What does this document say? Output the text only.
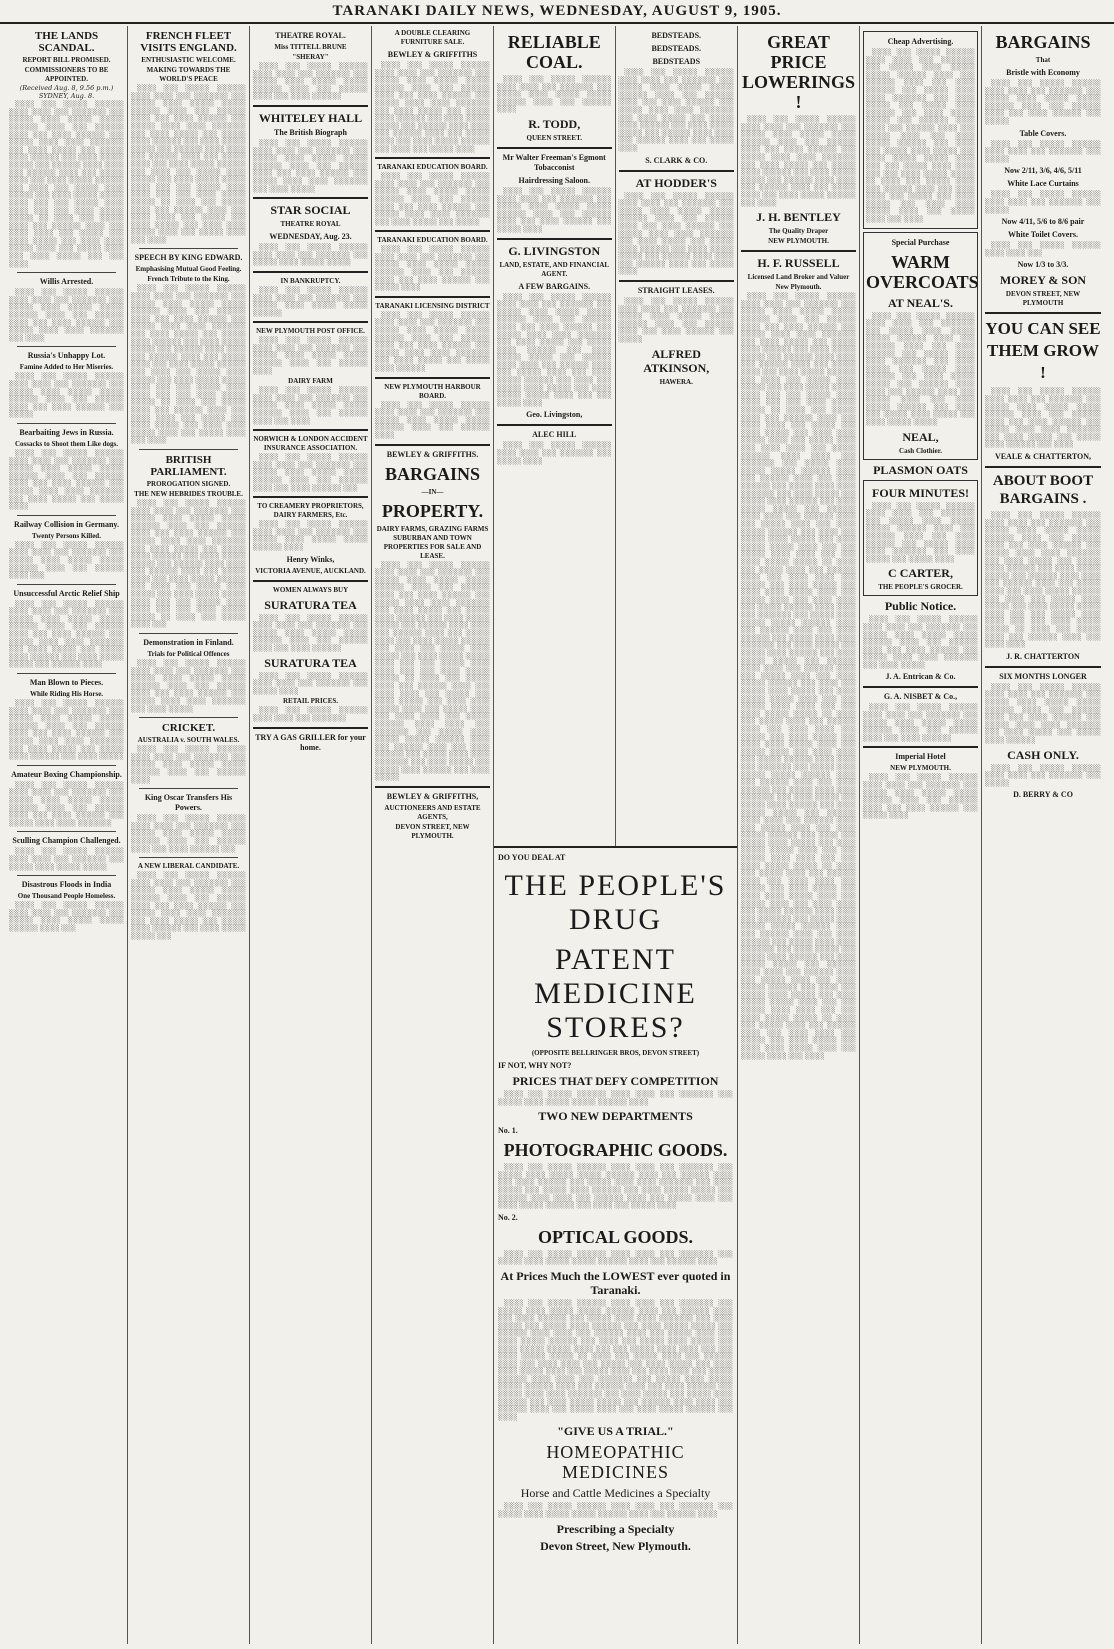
TARANAKI DAILY NEWS, WEDNESDAY, AUGUST 9, 1905.
THE LANDS SCANDAL.
REPORT BILL PROMISED.
COMMISSIONERS TO BE APPOINTED.
(Received Aug. 8, 9.56 p.m.) SYDNEY, Aug. 8.
░░░░ ░░░ ░░░░░ ░░░░░░ ░░░░ ░░░░ ░░░ ░░░░░░░ ░░░ ░░░░░ ░░░░ ░░░░░ ░░░░░ ░░░░░░ ░░░░ ░░░ ░░░░░░ ░░░░ ░░░ ░░░░ ░░░░░░ ░░░ ░░░░░ ░░░░ ░░░░ ░░░░░░░ ░░░ ░░░░ ░░░░░ ░░░ ░░░░░ ░░░░ ░░░░░░ ░░░ ░░░░ ░░░░░ ░░░░░ ░░░ ░░░░░░ ░░░░ ░░░░ ░░░ ░░░░░░ ░░░░ ░░░ ░░░░░ ░░░░ ░░░ ░░░░ ░░░░░ ░░░░░░ ░░░ ░░░░ ░░░ ░░░░░ ░░░░ ░░░░░ ░░░ ░░░░ ░░░░░ ░░░░░ ░░░░ ░░░ ░░░ ░░░░░ ░░░░ ░░░░ ░░░ ░░░ ░░░░ ░░░░░ ░░░░░ ░░ ░░░░ ░░░ ░░░░░ ░░░░ ░░░ ░░░░░░ ░░░░ ░░░ ░░░░ ░░░░ ░░░ ░░░░░ ░░░ ░░░░ ░░░░░ ░░░ ░░░░ ░░░░ ░░░░░ ░░░░ ░░░ ░░░░░ ░░░░ ░░░ ░░░░ ░░░░░ ░░░ ░░░ ░░░░
Willis Arrested.
░░░░ ░░░ ░░░░░ ░░░░░░ ░░░░ ░░░░ ░░░ ░░░░░░░ ░░░ ░░░░░ ░░░░ ░░░░░ ░░░░░ ░░░░░░ ░░░░ ░░░ ░░░░░░ ░░░░ ░░░ ░░░░ ░░░░░░ ░░░ ░░░░░ ░░░░ ░░░░ ░░░░░░░ ░░░ ░░░░
Russia's Unhappy Lot.
Famine Added to Her Miseries.
░░░░ ░░░ ░░░░░ ░░░░░░ ░░░░ ░░░░ ░░░ ░░░░░░░ ░░░ ░░░░░ ░░░░ ░░░░░ ░░░░░ ░░░░░░ ░░░░ ░░░ ░░░░░░ ░░░░ ░░░ ░░░░ ░░░░░░ ░░░ ░░░░░
Bearbaiting Jews in Russia.
Cossacks to Shoot them Like dogs.
░░░░ ░░░ ░░░░░ ░░░░░░ ░░░░ ░░░░ ░░░ ░░░░░░░ ░░░ ░░░░░ ░░░░ ░░░░░ ░░░░░ ░░░░░░ ░░░░ ░░░ ░░░░░░ ░░░░ ░░░ ░░░░ ░░░░░░ ░░░ ░░░░░ ░░░░ ░░░░ ░░░░░░░ ░░░ ░░░░ ░░░░░ ░░░ ░░░░░ ░░░░
Railway Collision in Germany.
Twenty Persons Killed.
░░░░ ░░░ ░░░░░ ░░░░░░ ░░░░ ░░░░ ░░░ ░░░░░░░ ░░░ ░░░░░ ░░░░ ░░░░░ ░░░░░ ░░░░░░ ░░░░ ░░░ ░░░░░░ ░░░░ ░░░
Unsuccessful Arctic Relief Ship
░░░░ ░░░ ░░░░░ ░░░░░░ ░░░░ ░░░░ ░░░ ░░░░░░░ ░░░ ░░░░░ ░░░░ ░░░░░ ░░░░░ ░░░░░░ ░░░░ ░░░ ░░░░░░ ░░░░ ░░░ ░░░░ ░░░░░░ ░░░ ░░░░░ ░░░░ ░░░░ ░░░░░░░ ░░░ ░░░░ ░░░░░ ░░░ ░░░░░ ░░░░ ░░░░░░ ░░░ ░░░░ ░░░░░ ░░░░░ ░░░ ░░░░░░ ░░░░
Man Blown to Pieces.
While Riding His Horse.
░░░░ ░░░ ░░░░░ ░░░░░░ ░░░░ ░░░░ ░░░ ░░░░░░░ ░░░ ░░░░░ ░░░░ ░░░░░ ░░░░░ ░░░░░░ ░░░░ ░░░ ░░░░░░ ░░░░ ░░░ ░░░░ ░░░░░░ ░░░ ░░░░░ ░░░░ ░░░░ ░░░░░░░ ░░░ ░░░░ ░░░░░ ░░░ ░░░░░ ░░░░ ░░░░░░ ░░░ ░░░░ ░░░░░
Amateur Boxing Championship.
░░░░ ░░░ ░░░░░ ░░░░░░ ░░░░ ░░░░ ░░░ ░░░░░░░ ░░░ ░░░░░ ░░░░ ░░░░░ ░░░░░ ░░░░░░ ░░░░ ░░░ ░░░░░░ ░░░░ ░░░ ░░░░ ░░░░░░ ░░░ ░░░░░ ░░░░ ░░░░ ░░░░░░░
Sculling Champion Challenged.
░░░░ ░░░ ░░░░░ ░░░░░░ ░░░░ ░░░░ ░░░ ░░░░░░░ ░░░ ░░░░░ ░░░░ ░░░░░ ░░░░░
Disastrous Floods in India
One Thousand People Homeless.
░░░░ ░░░ ░░░░░ ░░░░░░ ░░░░ ░░░░ ░░░ ░░░░░░░ ░░░ ░░░░░ ░░░░ ░░░░░ ░░░░░ ░░░░░░ ░░░░ ░░░
FRENCH FLEET VISITS ENGLAND.
ENTHUSIASTIC WELCOME.
MAKING TOWARDS THE WORLD'S PEACE
░░░░ ░░░ ░░░░░ ░░░░░░ ░░░░ ░░░░ ░░░ ░░░░░░░ ░░░ ░░░░░ ░░░░ ░░░░░ ░░░░░ ░░░░░░ ░░░░ ░░░ ░░░░░░ ░░░░ ░░░ ░░░░ ░░░░░░ ░░░ ░░░░░ ░░░░ ░░░░ ░░░░░░░ ░░░ ░░░░ ░░░░░ ░░░ ░░░░░ ░░░░ ░░░░░░ ░░░ ░░░░ ░░░░░ ░░░░░ ░░░ ░░░░░░ ░░░░ ░░░░ ░░░ ░░░░░░ ░░░░ ░░░ ░░░░░ ░░░░ ░░░ ░░░░ ░░░░░ ░░░░░░ ░░░ ░░░░ ░░░ ░░░░░ ░░░░ ░░░░░ ░░░ ░░░░ ░░░░░ ░░░░░ ░░░░ ░░░ ░░░ ░░░░░ ░░░░ ░░░░ ░░░ ░░░ ░░░░ ░░░░░ ░░░░░ ░░ ░░░░ ░░░ ░░░░░ ░░░░ ░░░ ░░░░░░ ░░░░ ░░░ ░░░░ ░░░░ ░░░ ░░░░░ ░░░ ░░░░ ░░░░░ ░░░ ░░░░ ░░░░ ░░░░░ ░░░░ ░░░ ░░░░░ ░░░░ ░░░ ░░░░
SPEECH BY KING EDWARD.
Emphasising Mutual Good Feeling.
French Tribute to the King.
░░░░ ░░░ ░░░░░ ░░░░░░ ░░░░ ░░░░ ░░░ ░░░░░░░ ░░░ ░░░░░ ░░░░ ░░░░░ ░░░░░ ░░░░░░ ░░░░ ░░░ ░░░░░░ ░░░░ ░░░ ░░░░ ░░░░░░ ░░░ ░░░░░ ░░░░ ░░░░ ░░░░░░░ ░░░ ░░░░ ░░░░░ ░░░ ░░░░░ ░░░░ ░░░░░░ ░░░ ░░░░ ░░░░░ ░░░░░ ░░░ ░░░░░░ ░░░░ ░░░░ ░░░ ░░░░░░ ░░░░ ░░░ ░░░░░ ░░░░ ░░░ ░░░░ ░░░░░ ░░░░░░ ░░░ ░░░░ ░░░ ░░░░░ ░░░░ ░░░░░ ░░░ ░░░░ ░░░░░ ░░░░░ ░░░░ ░░░ ░░░ ░░░░░ ░░░░ ░░░░ ░░░ ░░░ ░░░░ ░░░░░ ░░░░░ ░░ ░░░░ ░░░ ░░░░░ ░░░░ ░░░ ░░░░░░ ░░░░ ░░░ ░░░░ ░░░░ ░░░ ░░░░░ ░░░ ░░░░ ░░░░░ ░░░ ░░░░ ░░░░ ░░░░░ ░░░░ ░░░ ░░░░░ ░░░░ ░░░ ░░░░
BRITISH PARLIAMENT.
PROROGATION SIGNED.
THE NEW HEBRIDES TROUBLE.
░░░░ ░░░ ░░░░░ ░░░░░░ ░░░░ ░░░░ ░░░ ░░░░░░░ ░░░ ░░░░░ ░░░░ ░░░░░ ░░░░░ ░░░░░░ ░░░░ ░░░ ░░░░░░ ░░░░ ░░░ ░░░░ ░░░░░░ ░░░ ░░░░░ ░░░░ ░░░░ ░░░░░░░ ░░░ ░░░░ ░░░░░ ░░░ ░░░░░ ░░░░ ░░░░░░ ░░░ ░░░░ ░░░░░ ░░░░░ ░░░ ░░░░░░ ░░░░ ░░░░ ░░░ ░░░░░░ ░░░░ ░░░ ░░░░░ ░░░░ ░░░ ░░░░ ░░░░░ ░░░░░░ ░░░ ░░░░ ░░░ ░░░░░ ░░░░ ░░░░░ ░░░ ░░░░ ░░░░░ ░░░░░ ░░░░ ░░░ ░░░ ░░░░░ ░░░░ ░░░░ ░░░ ░░░ ░░░░ ░░░░░ ░░░░░ ░░ ░░░░ ░░░ ░░░░░ ░░░░ ░░░
Demonstration in Finland.
Trials for Political Offences
░░░░ ░░░ ░░░░░ ░░░░░░ ░░░░ ░░░░ ░░░ ░░░░░░░ ░░░ ░░░░░ ░░░░ ░░░░░ ░░░░░ ░░░░░░ ░░░░ ░░░ ░░░░░░ ░░░░ ░░░ ░░░░ ░░░░░░ ░░░ ░░░░░ ░░░░ ░░░░ ░░░░░░░ ░░░ ░░░░ ░░░░░
CRICKET.
AUSTRALIA v. SOUTH WALES.
░░░░ ░░░ ░░░░░ ░░░░░░ ░░░░ ░░░░ ░░░ ░░░░░░░ ░░░ ░░░░░ ░░░░ ░░░░░ ░░░░░ ░░░░░░ ░░░░ ░░░ ░░░░░░ ░░░░
King Oscar Transfers His Powers.
░░░░ ░░░ ░░░░░ ░░░░░░ ░░░░ ░░░░ ░░░ ░░░░░░░ ░░░ ░░░░░ ░░░░ ░░░░░ ░░░░░ ░░░░░░ ░░░░ ░░░ ░░░░░░ ░░░░ ░░░ ░░░░ ░░░░░░ ░░░
A NEW LIBERAL CANDIDATE.
░░░░ ░░░ ░░░░░ ░░░░░░ ░░░░ ░░░░ ░░░ ░░░░░░░ ░░░ ░░░░░ ░░░░ ░░░░░ ░░░░░ ░░░░░░ ░░░░ ░░░ ░░░░░░ ░░░░ ░░░ ░░░░ ░░░░░░ ░░░ ░░░░░ ░░░░ ░░░░ ░░░░░░░ ░░░ ░░░░ ░░░░░ ░░░ ░░░░░ ░░░░ ░░░░░░ ░░░ ░░░░ ░░░░░ ░░░░░ ░░░
THEATRE ROYAL.
Miss TITTELL BRUNE
"SHERAY"
░░░░ ░░░ ░░░░░ ░░░░░░ ░░░░ ░░░░ ░░░ ░░░░░░░ ░░░ ░░░░░ ░░░░ ░░░░░ ░░░░░ ░░░░░░ ░░░░ ░░░ ░░░░░░ ░░░░ ░░░ ░░░░ ░░░░░░
WHITELEY HALL
The British Biograph
░░░░ ░░░ ░░░░░ ░░░░░░ ░░░░ ░░░░ ░░░ ░░░░░░░ ░░░ ░░░░░ ░░░░ ░░░░░ ░░░░░ ░░░░░░ ░░░░ ░░░ ░░░░░░ ░░░░ ░░░ ░░░░ ░░░░░░ ░░░ ░░░░░ ░░░░ ░░░░ ░░░░░░░ ░░░ ░░░░ ░░░░░
STAR SOCIAL
THEATRE ROYAL
WEDNESDAY, Aug. 23.
░░░░ ░░░ ░░░░░ ░░░░░░ ░░░░ ░░░░ ░░░ ░░░░░░░ ░░░ ░░░░░ ░░░░ ░░░░░ ░░░░░
IN BANKRUPTCY.
░░░░ ░░░ ░░░░░ ░░░░░░ ░░░░ ░░░░ ░░░ ░░░░░░░ ░░░ ░░░░░ ░░░░ ░░░░░ ░░░░░ ░░░░░░
NEW PLYMOUTH POST OFFICE.
░░░░ ░░░ ░░░░░ ░░░░░░ ░░░░ ░░░░ ░░░ ░░░░░░░ ░░░ ░░░░░ ░░░░ ░░░░░ ░░░░░ ░░░░░░ ░░░░ ░░░ ░░░░░░ ░░░░
DAIRY FARM
░░░░ ░░░ ░░░░░ ░░░░░░ ░░░░ ░░░░ ░░░ ░░░░░░░ ░░░ ░░░░░ ░░░░ ░░░░░ ░░░░░ ░░░░░░ ░░░░ ░░░ ░░░░░░ ░░░░ ░░░ ░░░░
NORWICH & LONDON ACCIDENT INSURANCE ASSOCIATION.
░░░░ ░░░ ░░░░░ ░░░░░░ ░░░░ ░░░░ ░░░ ░░░░░░░ ░░░ ░░░░░ ░░░░ ░░░░░ ░░░░░ ░░░░░░ ░░░░ ░░░ ░░░░░░ ░░░░ ░░░ ░░░░ ░░░░░░ ░░░
TO CREAMERY PROPRIETORS, DAIRY FARMERS, Etc.
░░░░ ░░░ ░░░░░ ░░░░░░ ░░░░ ░░░░ ░░░ ░░░░░░░ ░░░ ░░░░░ ░░░░ ░░░░░ ░░░░░ ░░░░░░ ░░░░
Henry Winks,
VICTORIA AVENUE, AUCKLAND.
WOMEN ALWAYS BUY
SURATURA TEA
░░░░ ░░░ ░░░░░ ░░░░░░ ░░░░ ░░░░ ░░░ ░░░░░░░ ░░░ ░░░░░ ░░░░ ░░░░░ ░░░░░ ░░░░░░ ░░░░ ░░░ ░░░░░░ ░░░░ ░░░ ░░░░ ░░░░░░
SURATURA TEA
░░░░ ░░░ ░░░░░ ░░░░░░ ░░░░ ░░░░ ░░░ ░░░░░░░ ░░░ ░░░░░ ░░░░
RETAIL PRICES.
░░░░ ░░░ ░░░░░ ░░░░░░ ░░░░ ░░░░ ░░░ ░░░░░░░
TRY A GAS GRILLER for your home.
A DOUBLE CLEARING FURNITURE SALE.
BEWLEY & GRIFFITHS
░░░░ ░░░ ░░░░░ ░░░░░░ ░░░░ ░░░░ ░░░ ░░░░░░░ ░░░ ░░░░░ ░░░░ ░░░░░ ░░░░░ ░░░░░░ ░░░░ ░░░ ░░░░░░ ░░░░ ░░░ ░░░░ ░░░░░░ ░░░ ░░░░░ ░░░░ ░░░░ ░░░░░░░ ░░░ ░░░░ ░░░░░ ░░░ ░░░░░ ░░░░ ░░░░░░ ░░░ ░░░░ ░░░░░ ░░░░░ ░░░ ░░░░░░ ░░░░ ░░░░ ░░░ ░░░░░░ ░░░░ ░░░ ░░░░░ ░░░░ ░░░ ░░░░ ░░░░░ ░░░░░░ ░░░ ░░░░ ░░░ ░░░░░ ░░░░
TARANAKI EDUCATION BOARD.
░░░░ ░░░ ░░░░░ ░░░░░░ ░░░░ ░░░░ ░░░ ░░░░░░░ ░░░ ░░░░░ ░░░░ ░░░░░ ░░░░░ ░░░░░░ ░░░░ ░░░ ░░░░░░ ░░░░ ░░░ ░░░░ ░░░░░░ ░░░ ░░░░░ ░░░░ ░░░░ ░░░░░░░ ░░░ ░░░░ ░░░░░ ░░░ ░░░░░
TARANAKI EDUCATION BOARD.
░░░░ ░░░ ░░░░░ ░░░░░░ ░░░░ ░░░░ ░░░ ░░░░░░░ ░░░ ░░░░░ ░░░░ ░░░░░ ░░░░░ ░░░░░░ ░░░░ ░░░ ░░░░░░ ░░░░ ░░░ ░░░░ ░░░░░░ ░░░ ░░░░░ ░░░░
TARANAKI LICENSING DISTRICT
░░░░ ░░░ ░░░░░ ░░░░░░ ░░░░ ░░░░ ░░░ ░░░░░░░ ░░░ ░░░░░ ░░░░ ░░░░░ ░░░░░ ░░░░░░ ░░░░ ░░░ ░░░░░░ ░░░░ ░░░ ░░░░ ░░░░░░ ░░░ ░░░░░ ░░░░ ░░░░ ░░░░░░░ ░░░ ░░░░ ░░░░░ ░░░ ░░░░░ ░░░░ ░░░░░░
NEW PLYMOUTH HARBOUR BOARD.
░░░░ ░░░ ░░░░░ ░░░░░░ ░░░░ ░░░░ ░░░ ░░░░░░░ ░░░ ░░░░░ ░░░░ ░░░░░ ░░░░░ ░░░░░░ ░░░░ ░░░ ░░░░░░ ░░░░
BEWLEY & GRIFFITHS.
BARGAINS
—IN—
PROPERTY.
DAIRY FARMS, GRAZING FARMS SUBURBAN AND TOWN PROPERTIES FOR SALE AND LEASE.
░░░░ ░░░ ░░░░░ ░░░░░░ ░░░░ ░░░░ ░░░ ░░░░░░░ ░░░ ░░░░░ ░░░░ ░░░░░ ░░░░░ ░░░░░░ ░░░░ ░░░ ░░░░░░ ░░░░ ░░░ ░░░░ ░░░░░░ ░░░ ░░░░░ ░░░░ ░░░░ ░░░░░░░ ░░░ ░░░░ ░░░░░ ░░░ ░░░░░ ░░░░ ░░░░░░ ░░░ ░░░░ ░░░░░ ░░░░░ ░░░ ░░░░░░ ░░░░ ░░░░ ░░░ ░░░░░░ ░░░░ ░░░ ░░░░░ ░░░░ ░░░ ░░░░ ░░░░░ ░░░░░░ ░░░ ░░░░ ░░░ ░░░░░ ░░░░ ░░░░░ ░░░ ░░░░ ░░░░░ ░░░░░ ░░░░ ░░░ ░░░ ░░░░░ ░░░░ ░░░░ ░░░ ░░░ ░░░░ ░░░░░ ░░░░░ ░░ ░░░░ ░░░ ░░░░░ ░░░░ ░░░ ░░░░░░ ░░░░ ░░░ ░░░░ ░░░░ ░░░ ░░░░░ ░░░ ░░░░ ░░░░░ ░░░ ░░░░ ░░░░ ░░░░░ ░░░░ ░░░ ░░░░░ ░░░░ ░░░ ░░░░ ░░░░ ░░░ ░░░░░ ░░░░░░ ░░░░ ░░░░ ░░░ ░░░░░░░ ░░░ ░░░░░ ░░░░ ░░░░░ ░░░░░ ░░░░░░ ░░░░ ░░░ ░░░░░░ ░░░░ ░░░ ░░░░ ░░░░░░ ░░░ ░░░░░ ░░░░ ░░░░ ░░░░░░░ ░░░ ░░░░ ░░░░░ ░░░ ░░░░░ ░░░░ ░░░░░░ ░░░ ░░░░ ░░░░░
BEWLEY & GRIFFITHS,
AUCTIONEERS AND ESTATE AGENTS,
DEVON STREET, NEW PLYMOUTH.
RELIABLE COAL.
░░░░ ░░░ ░░░░░ ░░░░░░ ░░░░ ░░░░ ░░░ ░░░░░░░ ░░░ ░░░░░ ░░░░ ░░░░░ ░░░░░ ░░░░░░ ░░░░ ░░░ ░░░░░░ ░░░░
R. TODD,
QUEEN STREET.
Mr Walter Freeman's Egmont Tobacconist
Hairdressing Saloon.
░░░░ ░░░ ░░░░░ ░░░░░░ ░░░░ ░░░░ ░░░ ░░░░░░░ ░░░ ░░░░░ ░░░░ ░░░░░ ░░░░░ ░░░░░░ ░░░░ ░░░ ░░░░░░ ░░░░ ░░░ ░░░░ ░░░░░░ ░░░ ░░░░░ ░░░░
G. LIVINGSTON
LAND, ESTATE, AND FINANCIAL AGENT.
A FEW BARGAINS.
░░░░ ░░░ ░░░░░ ░░░░░░ ░░░░ ░░░░ ░░░ ░░░░░░░ ░░░ ░░░░░ ░░░░ ░░░░░ ░░░░░ ░░░░░░ ░░░░ ░░░ ░░░░░░ ░░░░ ░░░ ░░░░ ░░░░░░ ░░░ ░░░░░ ░░░░ ░░░░ ░░░░░░░ ░░░ ░░░░ ░░░░░ ░░░ ░░░░░ ░░░░ ░░░░░░ ░░░ ░░░░ ░░░░░ ░░░░░ ░░░ ░░░░░░ ░░░░ ░░░░ ░░░ ░░░░░░ ░░░░ ░░░ ░░░░░ ░░░░ ░░░ ░░░░ ░░░░░ ░░░░░░ ░░░ ░░░░ ░░░ ░░░░░ ░░░░ ░░░░░ ░░░ ░░░░ ░░░░░ ░░░░░ ░░░░ ░░░ ░░░ ░░░░░ ░░░░
Geo. Livingston,
ALEC HILL
░░░░ ░░░ ░░░░░ ░░░░░░ ░░░░ ░░░░ ░░░ ░░░░░░░ ░░░ ░░░░░ ░░░░
BEDSTEADS.
BEDSTEADS.
BEDSTEADS
░░░░ ░░░ ░░░░░ ░░░░░░ ░░░░ ░░░░ ░░░ ░░░░░░░ ░░░ ░░░░░ ░░░░ ░░░░░ ░░░░░ ░░░░░░ ░░░░ ░░░ ░░░░░░ ░░░░ ░░░ ░░░░ ░░░░░░ ░░░ ░░░░░ ░░░░ ░░░░ ░░░░░░░ ░░░ ░░░░ ░░░░░ ░░░ ░░░░░ ░░░░ ░░░░░░ ░░░ ░░░░ ░░░░░ ░░░░░ ░░░ ░░░░░░ ░░░░ ░░░░ ░░░ ░░░░░░ ░░░░ ░░░ ░░░░░ ░░░░
S. CLARK & CO.
AT HODDER'S
░░░░ ░░░ ░░░░░ ░░░░░░ ░░░░ ░░░░ ░░░ ░░░░░░░ ░░░ ░░░░░ ░░░░ ░░░░░ ░░░░░ ░░░░░░ ░░░░ ░░░ ░░░░░░ ░░░░ ░░░ ░░░░ ░░░░░░ ░░░ ░░░░░ ░░░░ ░░░░ ░░░░░░░ ░░░ ░░░░ ░░░░░ ░░░ ░░░░░ ░░░░ ░░░░░░ ░░░ ░░░░ ░░░░░ ░░░░░ ░░░ ░░░░░░ ░░░░ ░░░░ ░░░ ░░░░░░ ░░░░ ░░░ ░░░░░ ░░░░
STRAIGHT LEASES.
░░░░ ░░░ ░░░░░ ░░░░░░ ░░░░ ░░░░ ░░░ ░░░░░░░ ░░░ ░░░░░ ░░░░ ░░░░░ ░░░░░ ░░░░░░ ░░░░ ░░░ ░░░░░░ ░░░░ ░░░ ░░░░ ░░░░░░ ░░░ ░░░░░
ALFRED ATKINSON,
HAWERA.
DO YOU DEAL AT
THE PEOPLE'S DRUG
PATENT MEDICINE STORES?
(OPPOSITE BELLRINGER BROS, DEVON STREET)
IF NOT, WHY NOT?
PRICES THAT DEFY COMPETITION
░░░░ ░░░ ░░░░░ ░░░░░░ ░░░░ ░░░░ ░░░ ░░░░░░░ ░░░ ░░░░░ ░░░░ ░░░░░ ░░░░░ ░░░░░░ ░░░░
TWO NEW DEPARTMENTS
No. 1.
PHOTOGRAPHIC GOODS.
░░░░ ░░░ ░░░░░ ░░░░░░ ░░░░ ░░░░ ░░░ ░░░░░░░ ░░░ ░░░░░ ░░░░ ░░░░░ ░░░░░ ░░░░░░ ░░░░ ░░░ ░░░░░░ ░░░░ ░░░ ░░░░ ░░░░░░ ░░░ ░░░░░ ░░░░ ░░░░ ░░░░░░░ ░░░ ░░░░ ░░░░░ ░░░ ░░░░░ ░░░░ ░░░░░░ ░░░ ░░░░ ░░░░░ ░░░░░ ░░░ ░░░░░░ ░░░░ ░░░░ ░░░ ░░░░░░ ░░░░ ░░░ ░░░░░ ░░░░ ░░░ ░░░░ ░░░░░ ░░░░░░ ░░░ ░░░░ ░░░ ░░░░░ ░░░░
No. 2.
OPTICAL GOODS.
░░░░ ░░░ ░░░░░ ░░░░░░ ░░░░ ░░░░ ░░░ ░░░░░░░ ░░░ ░░░░░ ░░░░ ░░░░░ ░░░░░ ░░░░░░ ░░░░ ░░░ ░░░░░░ ░░░░
At Prices Much the LOWEST ever quoted in Taranaki.
░░░░ ░░░ ░░░░░ ░░░░░░ ░░░░ ░░░░ ░░░ ░░░░░░░ ░░░ ░░░░░ ░░░░ ░░░░░ ░░░░░ ░░░░░░ ░░░░ ░░░ ░░░░░░ ░░░░ ░░░ ░░░░ ░░░░░░ ░░░ ░░░░░ ░░░░ ░░░░ ░░░░░░░ ░░░ ░░░░ ░░░░░ ░░░ ░░░░░ ░░░░ ░░░░░░ ░░░ ░░░░ ░░░░░ ░░░░░ ░░░ ░░░░░░ ░░░░ ░░░░ ░░░ ░░░░░░ ░░░░ ░░░ ░░░░░ ░░░░ ░░░ ░░░░ ░░░░░ ░░░░░░ ░░░ ░░░░ ░░░ ░░░░░ ░░░░ ░░░░░ ░░░ ░░░░ ░░░░░ ░░░░░ ░░░░ ░░░ ░░░ ░░░░░ ░░░░ ░░░░ ░░░ ░░░ ░░░░ ░░░░░ ░░░░░ ░░ ░░░░ ░░░ ░░░░░ ░░░░ ░░░ ░░░░░░ ░░░░ ░░░ ░░░░ ░░░░ ░░░ ░░░░░ ░░░ ░░░░ ░░░░░ ░░░ ░░░░ ░░░░ ░░░░░ ░░░░ ░░░ ░░░░░ ░░░░ ░░░ ░░░░ ░░░░ ░░░ ░░░░░ ░░░░░░ ░░░░ ░░░░ ░░░ ░░░░░░░ ░░░ ░░░░░ ░░░░ ░░░░░ ░░░░░ ░░░░░░ ░░░░ ░░░ ░░░░░░ ░░░░ ░░░ ░░░░ ░░░░░░ ░░░ ░░░░░ ░░░░ ░░░░ ░░░░░░░ ░░░ ░░░░ ░░░░░ ░░░ ░░░░░ ░░░░ ░░░░░░ ░░░ ░░░░ ░░░░░ ░░░░░ ░░░ ░░░░░░ ░░░░ ░░░░ ░░░ ░░░░░░ ░░░░ ░░░ ░░░░░ ░░░░ ░░░ ░░░░ ░░░░░ ░░░░░░ ░░░ ░░░░
"GIVE US A TRIAL."
HOMEOPATHIC MEDICINES
Horse and Cattle Medicines a Specialty
░░░░ ░░░ ░░░░░ ░░░░░░ ░░░░ ░░░░ ░░░ ░░░░░░░ ░░░ ░░░░░ ░░░░ ░░░░░ ░░░░░ ░░░░░░ ░░░░ ░░░ ░░░░░░ ░░░░
Prescribing a Specialty
Devon Street, New Plymouth.
GREAT PRICE LOWERINGS !
░░░░ ░░░ ░░░░░ ░░░░░░ ░░░░ ░░░░ ░░░ ░░░░░░░ ░░░ ░░░░░ ░░░░ ░░░░░ ░░░░░ ░░░░░░ ░░░░ ░░░ ░░░░░░ ░░░░ ░░░ ░░░░ ░░░░░░ ░░░ ░░░░░ ░░░░ ░░░░ ░░░░░░░ ░░░ ░░░░ ░░░░░ ░░░ ░░░░░ ░░░░ ░░░░░░ ░░░ ░░░░ ░░░░░ ░░░░░ ░░░ ░░░░░░ ░░░░ ░░░░ ░░░ ░░░░░░ ░░░░ ░░░ ░░░░░ ░░░░ ░░░ ░░░░ ░░░░░ ░░░░░░ ░░░ ░░░░
J. H. BENTLEY
The Quality Draper
NEW PLYMOUTH.
H. F. RUSSELL
Licensed Land Broker and Valuer
New Plymouth.
░░░░ ░░░ ░░░░░ ░░░░░░ ░░░░ ░░░░ ░░░ ░░░░░░░ ░░░ ░░░░░ ░░░░ ░░░░░ ░░░░░ ░░░░░░ ░░░░ ░░░ ░░░░░░ ░░░░ ░░░ ░░░░ ░░░░░░ ░░░ ░░░░░ ░░░░ ░░░░ ░░░░░░░ ░░░ ░░░░ ░░░░░ ░░░ ░░░░░ ░░░░ ░░░░░░ ░░░ ░░░░ ░░░░░ ░░░░░ ░░░ ░░░░░░ ░░░░ ░░░░ ░░░ ░░░░░░ ░░░░ ░░░ ░░░░░ ░░░░ ░░░ ░░░░ ░░░░░ ░░░░░░ ░░░ ░░░░ ░░░ ░░░░░ ░░░░ ░░░░░ ░░░ ░░░░ ░░░░░ ░░░░░ ░░░░ ░░░ ░░░ ░░░░░ ░░░░ ░░░░ ░░░ ░░░ ░░░░ ░░░░░ ░░░░░ ░░ ░░░░ ░░░ ░░░░░ ░░░░ ░░░ ░░░░░░ ░░░░ ░░░ ░░░░ ░░░░ ░░░ ░░░░░ ░░░ ░░░░ ░░░░░ ░░░ ░░░░ ░░░░ ░░░░░ ░░░░ ░░░ ░░░░░ ░░░░ ░░░ ░░░░ ░░░░ ░░░ ░░░░░ ░░░░░░ ░░░░ ░░░░ ░░░ ░░░░░░░ ░░░ ░░░░░ ░░░░ ░░░░░ ░░░░░ ░░░░░░ ░░░░ ░░░ ░░░░░░ ░░░░ ░░░ ░░░░ ░░░░░░ ░░░ ░░░░░ ░░░░ ░░░░ ░░░░░░░ ░░░ ░░░░ ░░░░░ ░░░ ░░░░░ ░░░░ ░░░░░░ ░░░ ░░░░ ░░░░░ ░░░░░ ░░░ ░░░░░░ ░░░░ ░░░░ ░░░ ░░░░░░ ░░░░ ░░░ ░░░░░ ░░░░ ░░░ ░░░░ ░░░░░ ░░░░░░ ░░░ ░░░░ ░░░ ░░░░░ ░░░░ ░░░░░ ░░░ ░░░░ ░░░░░ ░░░░░ ░░░░ ░░░ ░░░ ░░░░░ ░░░░ ░░░░ ░░░ ░░░ ░░░░ ░░░░░ ░░░░░ ░░ ░░░░ ░░░ ░░░░░ ░░░░ ░░░ ░░░░░░ ░░░░ ░░░ ░░░░ ░░░░ ░░░ ░░░░░ ░░░ ░░░░ ░░░░░ ░░░ ░░░░ ░░░░ ░░░░░ ░░░░ ░░░ ░░░░░ ░░░░ ░░░ ░░░░ ░░░░ ░░░ ░░░░░ ░░░░░░ ░░░░ ░░░░ ░░░ ░░░░░░░ ░░░ ░░░░░ ░░░░ ░░░░░ ░░░░░ ░░░░░░ ░░░░ ░░░ ░░░░░░ ░░░░ ░░░ ░░░░ ░░░░░░ ░░░ ░░░░░ ░░░░ ░░░░ ░░░░░░░ ░░░ ░░░░ ░░░░░ ░░░ ░░░░░ ░░░░ ░░░░░░ ░░░ ░░░░ ░░░░░ ░░░░░ ░░░ ░░░░░░ ░░░░ ░░░░ ░░░ ░░░░░░ ░░░░ ░░░ ░░░░░ ░░░░ ░░░ ░░░░ ░░░░░ ░░░░░░ ░░░ ░░░░ ░░░ ░░░░░ ░░░░ ░░░░░ ░░░ ░░░░ ░░░░░ ░░░░░ ░░░░ ░░░ ░░░ ░░░░░ ░░░░ ░░░░ ░░░ ░░░ ░░░░ ░░░░░ ░░░░░ ░░ ░░░░ ░░░ ░░░░░ ░░░░ ░░░ ░░░░░░ ░░░░ ░░░ ░░░░ ░░░░ ░░░ ░░░░░ ░░░ ░░░░ ░░░░░ ░░░ ░░░░ ░░░░ ░░░░░ ░░░░ ░░░ ░░░░░ ░░░░ ░░░ ░░░░ ░░░░ ░░░ ░░░░░ ░░░░░░ ░░░░ ░░░░ ░░░ ░░░░░░░ ░░░ ░░░░░ ░░░░ ░░░░░ ░░░░░ ░░░░░░ ░░░░ ░░░ ░░░░░░ ░░░░ ░░░ ░░░░ ░░░░░░ ░░░ ░░░░░ ░░░░ ░░░░ ░░░░░░░ ░░░ ░░░░ ░░░░░ ░░░ ░░░░░ ░░░░ ░░░░░░ ░░░ ░░░░ ░░░░░ ░░░░░ ░░░ ░░░░░░ ░░░░ ░░░░ ░░░ ░░░░░░ ░░░░ ░░░ ░░░░░ ░░░░ ░░░ ░░░░ ░░░░░ ░░░░░░ ░░░ ░░░░ ░░░ ░░░░░ ░░░░ ░░░░░ ░░░ ░░░░ ░░░░░ ░░░░░ ░░░░ ░░░ ░░░ ░░░░░ ░░░░ ░░░░ ░░░ ░░░ ░░░░ ░░░░░ ░░░░░ ░░ ░░░░ ░░░ ░░░░░ ░░░░ ░░░ ░░░░░░ ░░░░ ░░░ ░░░░ ░░░░ ░░░ ░░░░░ ░░░ ░░░░ ░░░░░ ░░░ ░░░░ ░░░░ ░░░░░ ░░░░ ░░░ ░░░░░ ░░░░ ░░░ ░░░░ ░░░░ ░░░ ░░░░░ ░░░░░░ ░░░░ ░░░░ ░░░ ░░░░░░░ ░░░ ░░░░░ ░░░░ ░░░░░ ░░░░░ ░░░░░░ ░░░░ ░░░ ░░░░░░ ░░░░ ░░░ ░░░░ ░░░░░░ ░░░ ░░░░░ ░░░░ ░░░░ ░░░░░░░ ░░░ ░░░░ ░░░░░ ░░░ ░░░░░ ░░░░ ░░░░░░ ░░░ ░░░░ ░░░░░ ░░░░░ ░░░ ░░░░░░ ░░░░ ░░░░ ░░░ ░░░░░░ ░░░░ ░░░ ░░░░░ ░░░░ ░░░ ░░░░ ░░░░░ ░░░░░░ ░░░ ░░░░ ░░░ ░░░░░ ░░░░ ░░░░░ ░░░ ░░░░ ░░░░░ ░░░░░ ░░░░ ░░░ ░░░ ░░░░░ ░░░░ ░░░░ ░░░ ░░░ ░░░░ ░░░░░ ░░░░░ ░░ ░░░░ ░░░ ░░░░░ ░░░░ ░░░ ░░░░░░ ░░░░ ░░░ ░░░░ ░░░░ ░░░ ░░░░░ ░░░ ░░░░ ░░░░░ ░░░ ░░░░ ░░░░ ░░░░░ ░░░░ ░░░ ░░░░░ ░░░░ ░░░ ░░░░
Cheap Advertising.
░░░░ ░░░ ░░░░░ ░░░░░░ ░░░░ ░░░░ ░░░ ░░░░░░░ ░░░ ░░░░░ ░░░░ ░░░░░ ░░░░░ ░░░░░░ ░░░░ ░░░ ░░░░░░ ░░░░ ░░░ ░░░░ ░░░░░░ ░░░ ░░░░░ ░░░░ ░░░░ ░░░░░░░ ░░░ ░░░░ ░░░░░ ░░░ ░░░░░ ░░░░ ░░░░░░ ░░░ ░░░░ ░░░░░ ░░░░░ ░░░ ░░░░░░ ░░░░ ░░░░ ░░░ ░░░░░░ ░░░░ ░░░ ░░░░░ ░░░░ ░░░ ░░░░ ░░░░░ ░░░░░░ ░░░ ░░░░ ░░░ ░░░░░ ░░░░ ░░░░░ ░░░ ░░░░ ░░░░░ ░░░░░ ░░░░ ░░░ ░░░ ░░░░░ ░░░░ ░░░░ ░░░ ░░░ ░░░░ ░░░░░ ░░░░░ ░░ ░░░░ ░░░ ░░░░░ ░░░░ ░░░ ░░░░░░ ░░░░ ░░░ ░░░░ ░░░░ ░░░ ░░░░░ ░░░ ░░░░ ░░░░░ ░░░ ░░░░ ░░░░ ░░░░░ ░░░░ ░░░ ░░░░░ ░░░░ ░░░ ░░░░
Special Purchase
WARM OVERCOATS
AT NEAL'S.
░░░░ ░░░ ░░░░░ ░░░░░░ ░░░░ ░░░░ ░░░ ░░░░░░░ ░░░ ░░░░░ ░░░░ ░░░░░ ░░░░░ ░░░░░░ ░░░░ ░░░ ░░░░░░ ░░░░ ░░░ ░░░░ ░░░░░░ ░░░ ░░░░░ ░░░░ ░░░░ ░░░░░░░ ░░░ ░░░░ ░░░░░ ░░░ ░░░░░ ░░░░ ░░░░░░ ░░░ ░░░░ ░░░░░ ░░░░░ ░░░ ░░░░░░ ░░░░ ░░░░ ░░░ ░░░░░░ ░░░░ ░░░ ░░░░░ ░░░░ ░░░ ░░░░ ░░░░░ ░░░░░░ ░░░ ░░░░ ░░░ ░░░░░ ░░░░ ░░░░░ ░░░ ░░░░ ░░░░░ ░░░░░
NEAL,
Cash Clothier.
PLASMON OATS
FOUR MINUTES!
░░░░ ░░░ ░░░░░ ░░░░░░ ░░░░ ░░░░ ░░░ ░░░░░░░ ░░░ ░░░░░ ░░░░ ░░░░░ ░░░░░ ░░░░░░ ░░░░ ░░░ ░░░░░░ ░░░░ ░░░ ░░░░ ░░░░░░ ░░░ ░░░░░ ░░░░ ░░░░ ░░░░░░░ ░░░ ░░░░ ░░░░░ ░░░ ░░░░░ ░░░░
C CARTER,
THE PEOPLE'S GROCER.
Public Notice.
░░░░ ░░░ ░░░░░ ░░░░░░ ░░░░ ░░░░ ░░░ ░░░░░░░ ░░░ ░░░░░ ░░░░ ░░░░░ ░░░░░ ░░░░░░ ░░░░ ░░░ ░░░░░░ ░░░░ ░░░ ░░░░ ░░░░░░ ░░░ ░░░░░ ░░░░ ░░░░ ░░░░░░░ ░░░ ░░░░ ░░░░░
J. A. Entrican & Co.
G. A. NISBET & Co.,
░░░░ ░░░ ░░░░░ ░░░░░░ ░░░░ ░░░░ ░░░ ░░░░░░░ ░░░ ░░░░░ ░░░░ ░░░░░ ░░░░░ ░░░░░░ ░░░░ ░░░ ░░░░░░ ░░░░ ░░░ ░░░░ ░░░░░░
Imperial Hotel
NEW PLYMOUTH.
░░░░ ░░░ ░░░░░ ░░░░░░ ░░░░ ░░░░ ░░░ ░░░░░░░ ░░░ ░░░░░ ░░░░ ░░░░░ ░░░░░ ░░░░░░ ░░░░ ░░░ ░░░░░░ ░░░░ ░░░ ░░░░ ░░░░░░ ░░░ ░░░░░ ░░░░
BARGAINS
That
Bristle with Economy
░░░░ ░░░ ░░░░░ ░░░░░░ ░░░░ ░░░░ ░░░ ░░░░░░░ ░░░ ░░░░░ ░░░░ ░░░░░ ░░░░░ ░░░░░░ ░░░░ ░░░ ░░░░░░ ░░░░ ░░░ ░░░░ ░░░░░░ ░░░ ░░░░░
Table Covers.
░░░░ ░░░ ░░░░░ ░░░░░░ ░░░░ ░░░░ ░░░ ░░░░░░░ ░░░ ░░░░░
Now 2/11, 3/6, 4/6, 5/11
White Lace Curtains
░░░░ ░░░ ░░░░░ ░░░░░░ ░░░░ ░░░░ ░░░ ░░░░░░░ ░░░ ░░░░░
Now 4/11, 5/6 to 8/6 pair
White Toilet Covers.
░░░░ ░░░ ░░░░░ ░░░░░░ ░░░░ ░░░░ ░░░
Now 1/3 to 3/3.
MOREY & SON
DEVON STREET, NEW PLYMOUTH
YOU CAN SEE THEM GROW !
░░░░ ░░░ ░░░░░ ░░░░░░ ░░░░ ░░░░ ░░░ ░░░░░░░ ░░░ ░░░░░ ░░░░ ░░░░░ ░░░░░ ░░░░░░ ░░░░ ░░░ ░░░░░░ ░░░░ ░░░ ░░░░ ░░░░░░ ░░░ ░░░░░ ░░░░ ░░░░ ░░░░░░░ ░░░ ░░░░ ░░░░░ ░░░ ░░░░░ ░░░░ ░░░░░░ ░░░ ░░░░
VEALE & CHATTERTON,
ABOUT BOOT BARGAINS .
░░░░ ░░░ ░░░░░ ░░░░░░ ░░░░ ░░░░ ░░░ ░░░░░░░ ░░░ ░░░░░ ░░░░ ░░░░░ ░░░░░ ░░░░░░ ░░░░ ░░░ ░░░░░░ ░░░░ ░░░ ░░░░ ░░░░░░ ░░░ ░░░░░ ░░░░ ░░░░ ░░░░░░░ ░░░ ░░░░ ░░░░░ ░░░ ░░░░░ ░░░░ ░░░░░░ ░░░ ░░░░ ░░░░░ ░░░░░ ░░░ ░░░░░░ ░░░░ ░░░░ ░░░ ░░░░░░ ░░░░ ░░░ ░░░░░ ░░░░ ░░░ ░░░░ ░░░░░ ░░░░░░ ░░░ ░░░░ ░░░ ░░░░░ ░░░░ ░░░░░ ░░░ ░░░░ ░░░░░ ░░░░░ ░░░░ ░░░ ░░░ ░░░░░ ░░░░ ░░░░ ░░░ ░░░ ░░░░ ░░░░░ ░░░░░ ░░ ░░░░ ░░░ ░░░░░ ░░░░ ░░░ ░░░░░░ ░░░░ ░░░ ░░░░ ░░░░
J. R. CHATTERTON
SIX MONTHS LONGER
░░░░ ░░░ ░░░░░ ░░░░░░ ░░░░ ░░░░ ░░░ ░░░░░░░ ░░░ ░░░░░ ░░░░ ░░░░░ ░░░░░ ░░░░░░ ░░░░ ░░░ ░░░░░░ ░░░░ ░░░ ░░░░ ░░░░░░ ░░░ ░░░░░ ░░░░ ░░░░ ░░░░░░░ ░░░ ░░░░ ░░░░░ ░░░ ░░░░░ ░░░░ ░░░░░░
CASH ONLY.
░░░░ ░░░ ░░░░░ ░░░░░░ ░░░░ ░░░░ ░░░ ░░░░░░░ ░░░ ░░░░░
D. BERRY & CO
